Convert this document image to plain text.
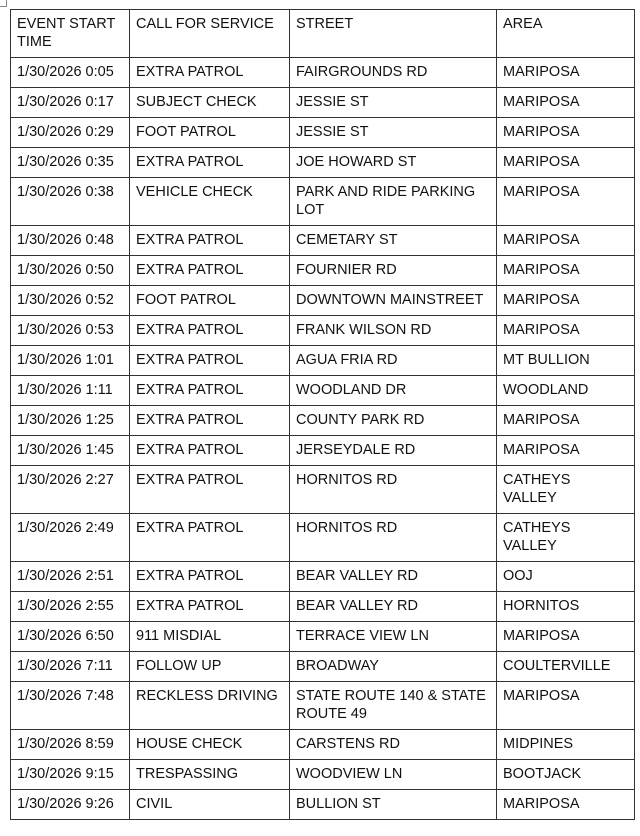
EVENT START TIME	CALL FOR SERVICE	STREET	AREA
1/30/2026 0:05	EXTRA PATROL	FAIRGROUNDS RD	MARIPOSA
1/30/2026 0:17	SUBJECT CHECK	JESSIE ST	MARIPOSA
1/30/2026 0:29	FOOT PATROL	JESSIE ST	MARIPOSA
1/30/2026 0:35	EXTRA PATROL	JOE HOWARD ST	MARIPOSA
1/30/2026 0:38	VEHICLE CHECK	PARK AND RIDE PARKING LOT	MARIPOSA
1/30/2026 0:48	EXTRA PATROL	CEMETARY ST	MARIPOSA
1/30/2026 0:50	EXTRA PATROL	FOURNIER RD	MARIPOSA
1/30/2026 0:52	FOOT PATROL	DOWNTOWN MAINSTREET	MARIPOSA
1/30/2026 0:53	EXTRA PATROL	FRANK WILSON RD	MARIPOSA
1/30/2026 1:01	EXTRA PATROL	AGUA FRIA RD	MT BULLION
1/30/2026 1:11	EXTRA PATROL	WOODLAND DR	WOODLAND
1/30/2026 1:25	EXTRA PATROL	COUNTY PARK RD	MARIPOSA
1/30/2026 1:45	EXTRA PATROL	JERSEYDALE RD	MARIPOSA
1/30/2026 2:27	EXTRA PATROL	HORNITOS RD	CATHEYS VALLEY
1/30/2026 2:49	EXTRA PATROL	HORNITOS RD	CATHEYS VALLEY
1/30/2026 2:51	EXTRA PATROL	BEAR VALLEY RD	OOJ
1/30/2026 2:55	EXTRA PATROL	BEAR VALLEY RD	HORNITOS
1/30/2026 6:50	911 MISDIAL	TERRACE VIEW LN	MARIPOSA
1/30/2026 7:11	FOLLOW UP	BROADWAY	COULTERVILLE
1/30/2026 7:48	RECKLESS DRIVING	STATE ROUTE 140 & STATE ROUTE 49	MARIPOSA
1/30/2026 8:59	HOUSE CHECK	CARSTENS RD	MIDPINES
1/30/2026 9:15	TRESPASSING	WOODVIEW LN	BOOTJACK
1/30/2026 9:26	CIVIL	BULLION ST	MARIPOSA
